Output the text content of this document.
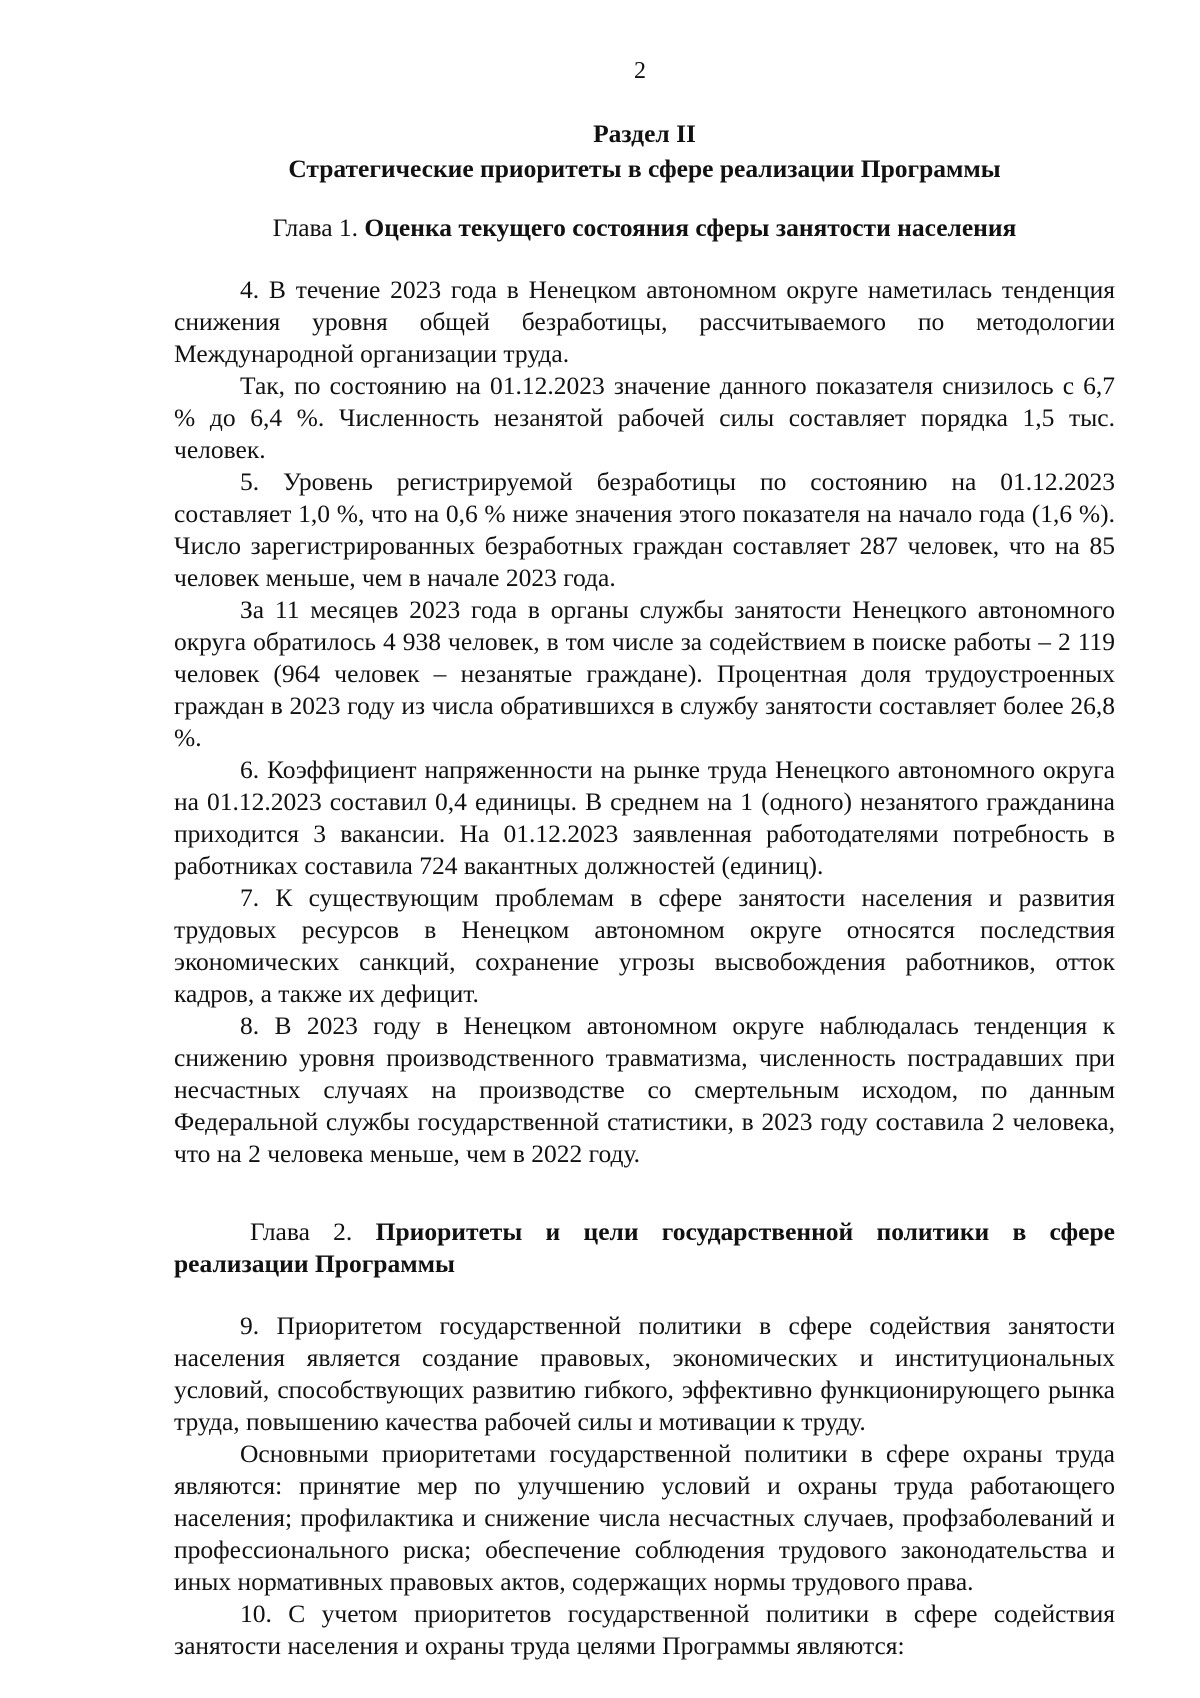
2
Раздел II
Стратегические приоритеты в сфере реализации Программы
Глава 1. Оценка текущего состояния сферы занятости населения

4. В течение 2023 года в Ненецком автономном округе наметилась тенденция снижения уровня общей безработицы, рассчитываемого по методологии Международной организации труда.

Так, по состоянию на 01.12.2023 значение данного показателя снизилось с 6,7 % до 6,4 %. Численность незанятой рабочей силы составляет порядка 1,5 тыс. человек.

5. Уровень регистрируемой безработицы по состоянию на 01.12.2023 составляет 1,0 %, что на 0,6 % ниже значения этого показателя на начало года (1,6 %). Число зарегистрированных безработных граждан составляет 287 человек, что на 85 человек меньше, чем в начале 2023 года.

За 11 месяцев 2023 года в органы службы занятости Ненецкого автономного округа обратилось 4 938 человек, в том числе за содействием в поиске работы – 2 119 человек (964 человек – незанятые граждане). Процентная доля трудоустроенных граждан в 2023 году из числа обратившихся в службу занятости составляет более 26,8 %.

6. Коэффициент напряженности на рынке труда Ненецкого автономного округа на 01.12.2023 составил 0,4 единицы. В среднем на 1 (одного) незанятого гражданина приходится 3 вакансии. На 01.12.2023 заявленная работодателями потребность в работниках составила 724 вакантных должностей (единиц).

7. К существующим проблемам в сфере занятости населения и развития трудовых ресурсов в Ненецком автономном округе относятся последствия экономических санкций, сохранение угрозы высвобождения работников, отток кадров, а также их дефицит.

8. В 2023 году в Ненецком автономном округе наблюдалась тенденция к снижению уровня производственного травматизма, численность пострадавших при несчастных случаях на производстве со смертельным исходом, по данным Федеральной службы государственной статистики, в 2023 году составила 2 человека, что на 2 человека меньше, чем в 2022 году.

Глава 2. Приоритеты и цели государственной политики в сфере реализации Программы

9. Приоритетом государственной политики в сфере содействия занятости населения является создание правовых, экономических и институциональных условий, способствующих развитию гибкого, эффективно функционирующего рынка труда, повышению качества рабочей силы и мотивации к труду.

Основными приоритетами государственной политики в сфере охраны труда являются: принятие мер по улучшению условий и охраны труда работающего населения; профилактика и снижение числа несчастных случаев, профзаболеваний и профессионального риска; обеспечение соблюдения трудового законодательства и иных нормативных правовых актов, содержащих нормы трудового права.

10. С учетом приоритетов государственной политики в сфере содействия занятости населения и охраны труда целями Программы являются:
